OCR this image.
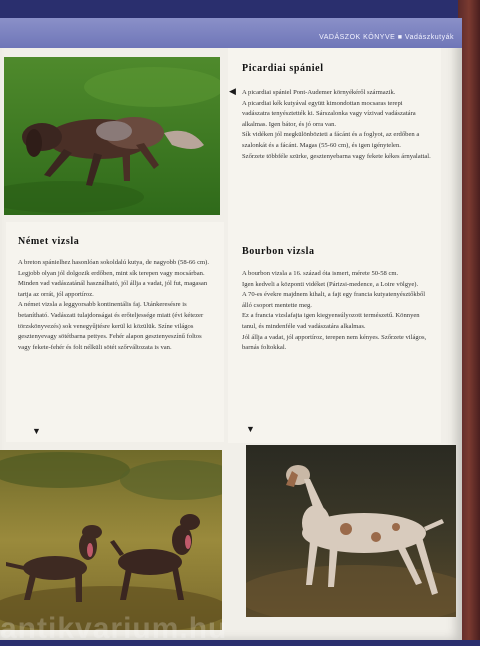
VADÁSZOK KÖNYVE ■ Vadászkutyák
Picardiai spániel
◀ A picardiai spániel Pont-Audemer környékéről származik.

A picardiai kék kutyával együtt kimondottan mocsaras terepi vadászatra tenyésztették ki. Sárszalonka vagy vízivad vadászatára alkalmas. Igen bátor, és jó orra van.

Sík vidéken jól megkülönbözteti a fácánt és a foglyot, az erdőben a szalonkát és a fácánt. Magas (55-60 cm), és igen igénytelen.

Szőrzete többféle szürke, gesztenyebarna vagy fekete kékes árnyalattal.

Német vizsla

A breton spánielhez hasonlóan sokoldalú kutya, de nagyobb (58-66 cm).

Legjobb olyan jól dolgozik erdőben, mint sík terepen vagy mocsárban. Minden vad vadászatánál használható, jól állja a vadat, jól fut, magasan tartja az orrát, jól apportíroz.

A német vizsla a leggyorsabb kontinentális faj. Utánkeresésre is betanítható. Vadászati tulajdonságai és erőteljessége miatt (évi kétezer törzskönyvezés) sok venegyűjtésre kerül ki közülük. Színe világos gesztenyevagy sötétbarna pettyes. Fehér alapon gesztenyeszínű foltos vagy fekete-fehér és folt nélküli sötét szőrváltozata is van.

▼
Bourbon vizsla

A bourbon vizsla a 16. század óta ismert, mérete 50-58 cm.

Igen kedveli a központi vidéket (Párizsi-medence, a Loire völgye).

A 70-es évekre majdnem kihalt, a fajt egy francia kutyatenyésztőkből álló csoport mentette meg.

Ez a francia vizslafajta igen kiegyensúlyozott természetű. Könnyen tanul, és mindenféle vad vadászatára alkalmas.

Jól állja a vadat, jól apportíroz, terepen nem kényes. Szőrzete világos, barnás foltokkal.

▼
antikvarium.hu
